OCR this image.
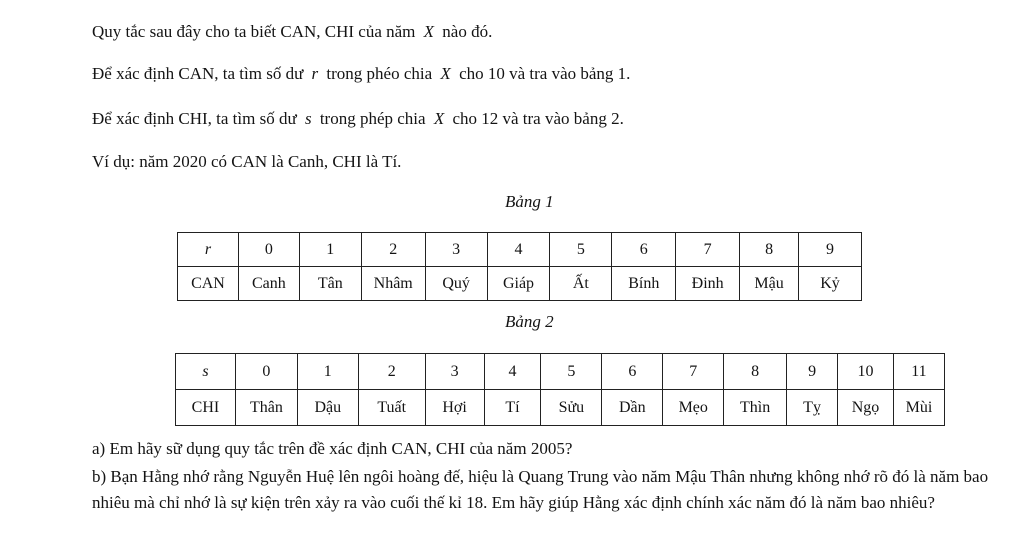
Quy tắc sau đây cho ta biết CAN, CHI của năm X nào đó.
Để xác định CAN, ta tìm số dư r trong phéo chia X cho 10 và tra vào bảng 1.
Để xác định CHI, ta tìm số dư s trong phép chia X cho 12 và tra vào bảng 2.
Ví dụ: năm 2020 có CAN là Canh, CHI là Tí.
Bảng 1
r	0	1	2	3	4	5	6	7	8	9
CAN	Canh	Tân	Nhâm	Quý	Giáp	Ất	Bính	Đinh	Mậu	Kỷ
Bảng 2
s	0	1	2	3	4	5	6	7	8	9	10	11
CHI	Thân	Dậu	Tuất	Hợi	Tí	Sửu	Dần	Mẹo	Thìn	Tỵ	Ngọ	Mùi
a) Em hãy sữ dụng quy tắc trên đề xác định CAN, CHI của năm 2005?
b) Bạn Hằng nhớ rằng Nguyễn Huệ lên ngôi hoàng đế, hiệu là Quang Trung vào năm Mậu Thân nhưng không nhớ rõ đó là năm bao nhiêu mà chỉ nhớ là sự kiện trên xảy ra vào cuối thế kỉ 18. Em hãy giúp Hằng xác định chính xác năm đó là năm bao nhiêu?
